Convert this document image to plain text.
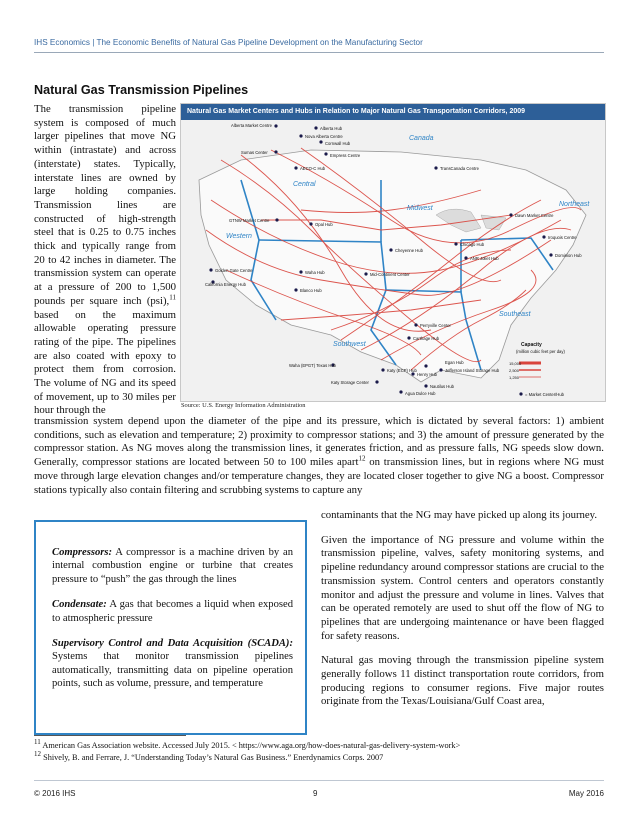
IHS Economics | The Economic Benefits of Natural Gas Pipeline Development on the Manufacturing Sector
Natural Gas Transmission Pipelines
The transmission pipeline system is composed of much larger pipelines that move NG within (intrastate) and across (interstate) states. Typically, interstate lines are owned by large holding companies. Transmission lines are constructed of high-strength steel that is 0.25 to 0.75 inches thick and typically range from 20 to 42 inches in diameter. The transmission system can operate at a pressure of 200 to 1,500 pounds per square inch (psi),$^{11}$ based on the maximum allowable operating pressure rating of the pipe. The pipelines are also coated with epoxy to protect them from corrosion. The volume of NG and its speed of movement, up to 30 miles per hour through the
Natural Gas Market Centers and Hubs in Relation to Major Natural Gas Transportation Corridors, 2009
Canada
Central
Midwest
Northeast
Western
Southeast
Southwest
Alberta Market Centre
Alberta Hub
Nova Alberta Centre
Cornwall Hub
Empress Centre
Sumas Center
AECO-C Hub	TransCanada Centre
GTNW Market Centre
Opal Hub
Dawn Market Centre
Iroquois Centre
Dominion Hub
Cheyenne Hub
Chicago Hub
ANR Joliet Hub
Golden Gate Centre
California Energy Hub
Waha Hub
Blanco Hub
Mid-Continent Center
Perryville Center
Carthage Hub
Waha (EPGT) Texas Hub
Katy (ECP) Hub
Katy Storage Center
Henry Hub
Jefferson Island Storage Hub
Agua Dulce Hub
Nautilus Hub
Egan Hub
Capacity
(million cubic feet per day)
15,000
2,500
1,250
= Market Center/Hub
Source: U.S. Energy Information Administration
transmission system depend upon the diameter of the pipe and its pressure, which is dictated by several factors: 1) ambient conditions, such as elevation and temperature; 2) proximity to compressor stations; and 3) the amount of pressure generated by the compressor station. As NG moves along the transmission lines, it generates friction, and as pressure falls, NG speeds slow down. Generally, compressor stations are located between 50 to 100 miles apart$^{12}$ on transmission lines, but in regions where NG must move through large elevation changes and/or temperature changes, they are located closer together to give NG a boost. Compressor stations typically also contain filtering and scrubbing systems to capture any

contaminants that the NG may have picked up along its journey.

Given the importance of NG pressure and volume within the transmission pipeline, valves, safety monitoring systems, and pipeline redundancy around compressor stations are crucial to the transmission system. Control centers and operators constantly monitor and adjust the pressure and volume in lines. Valves that can be operated remotely are used to shut off the flow of NG to pipelines that are undergoing maintenance or have been flagged for safety reasons.

Natural gas moving through the transmission pipeline system generally follows 11 distinct transportation route corridors, from producing regions to consumer regions. Five major routes originate from the Texas/Louisiana/Gulf Coast area,

Compressors: A compressor is a machine driven by an internal combustion engine or turbine that creates pressure to “push” the gas through the lines

Condensate: A gas that becomes a liquid when exposed to atmospheric pressure

Supervisory Control and Data Acquisition (SCADA): Systems that monitor transmission pipelines automatically, transmitting data on pipeline operation points, such as volume, pressure, and temperature

$^{11}$ American Gas Association website. Accessed July 2015. < https://www.aga.org/how-does-natural-gas-delivery-system-work>
$^{12}$ Shively, B. and Ferrare, J. “Understanding Today’s Natural Gas Business.” Enerdynamics Corps. 2007
© 2016 IHS	9	May 2016
